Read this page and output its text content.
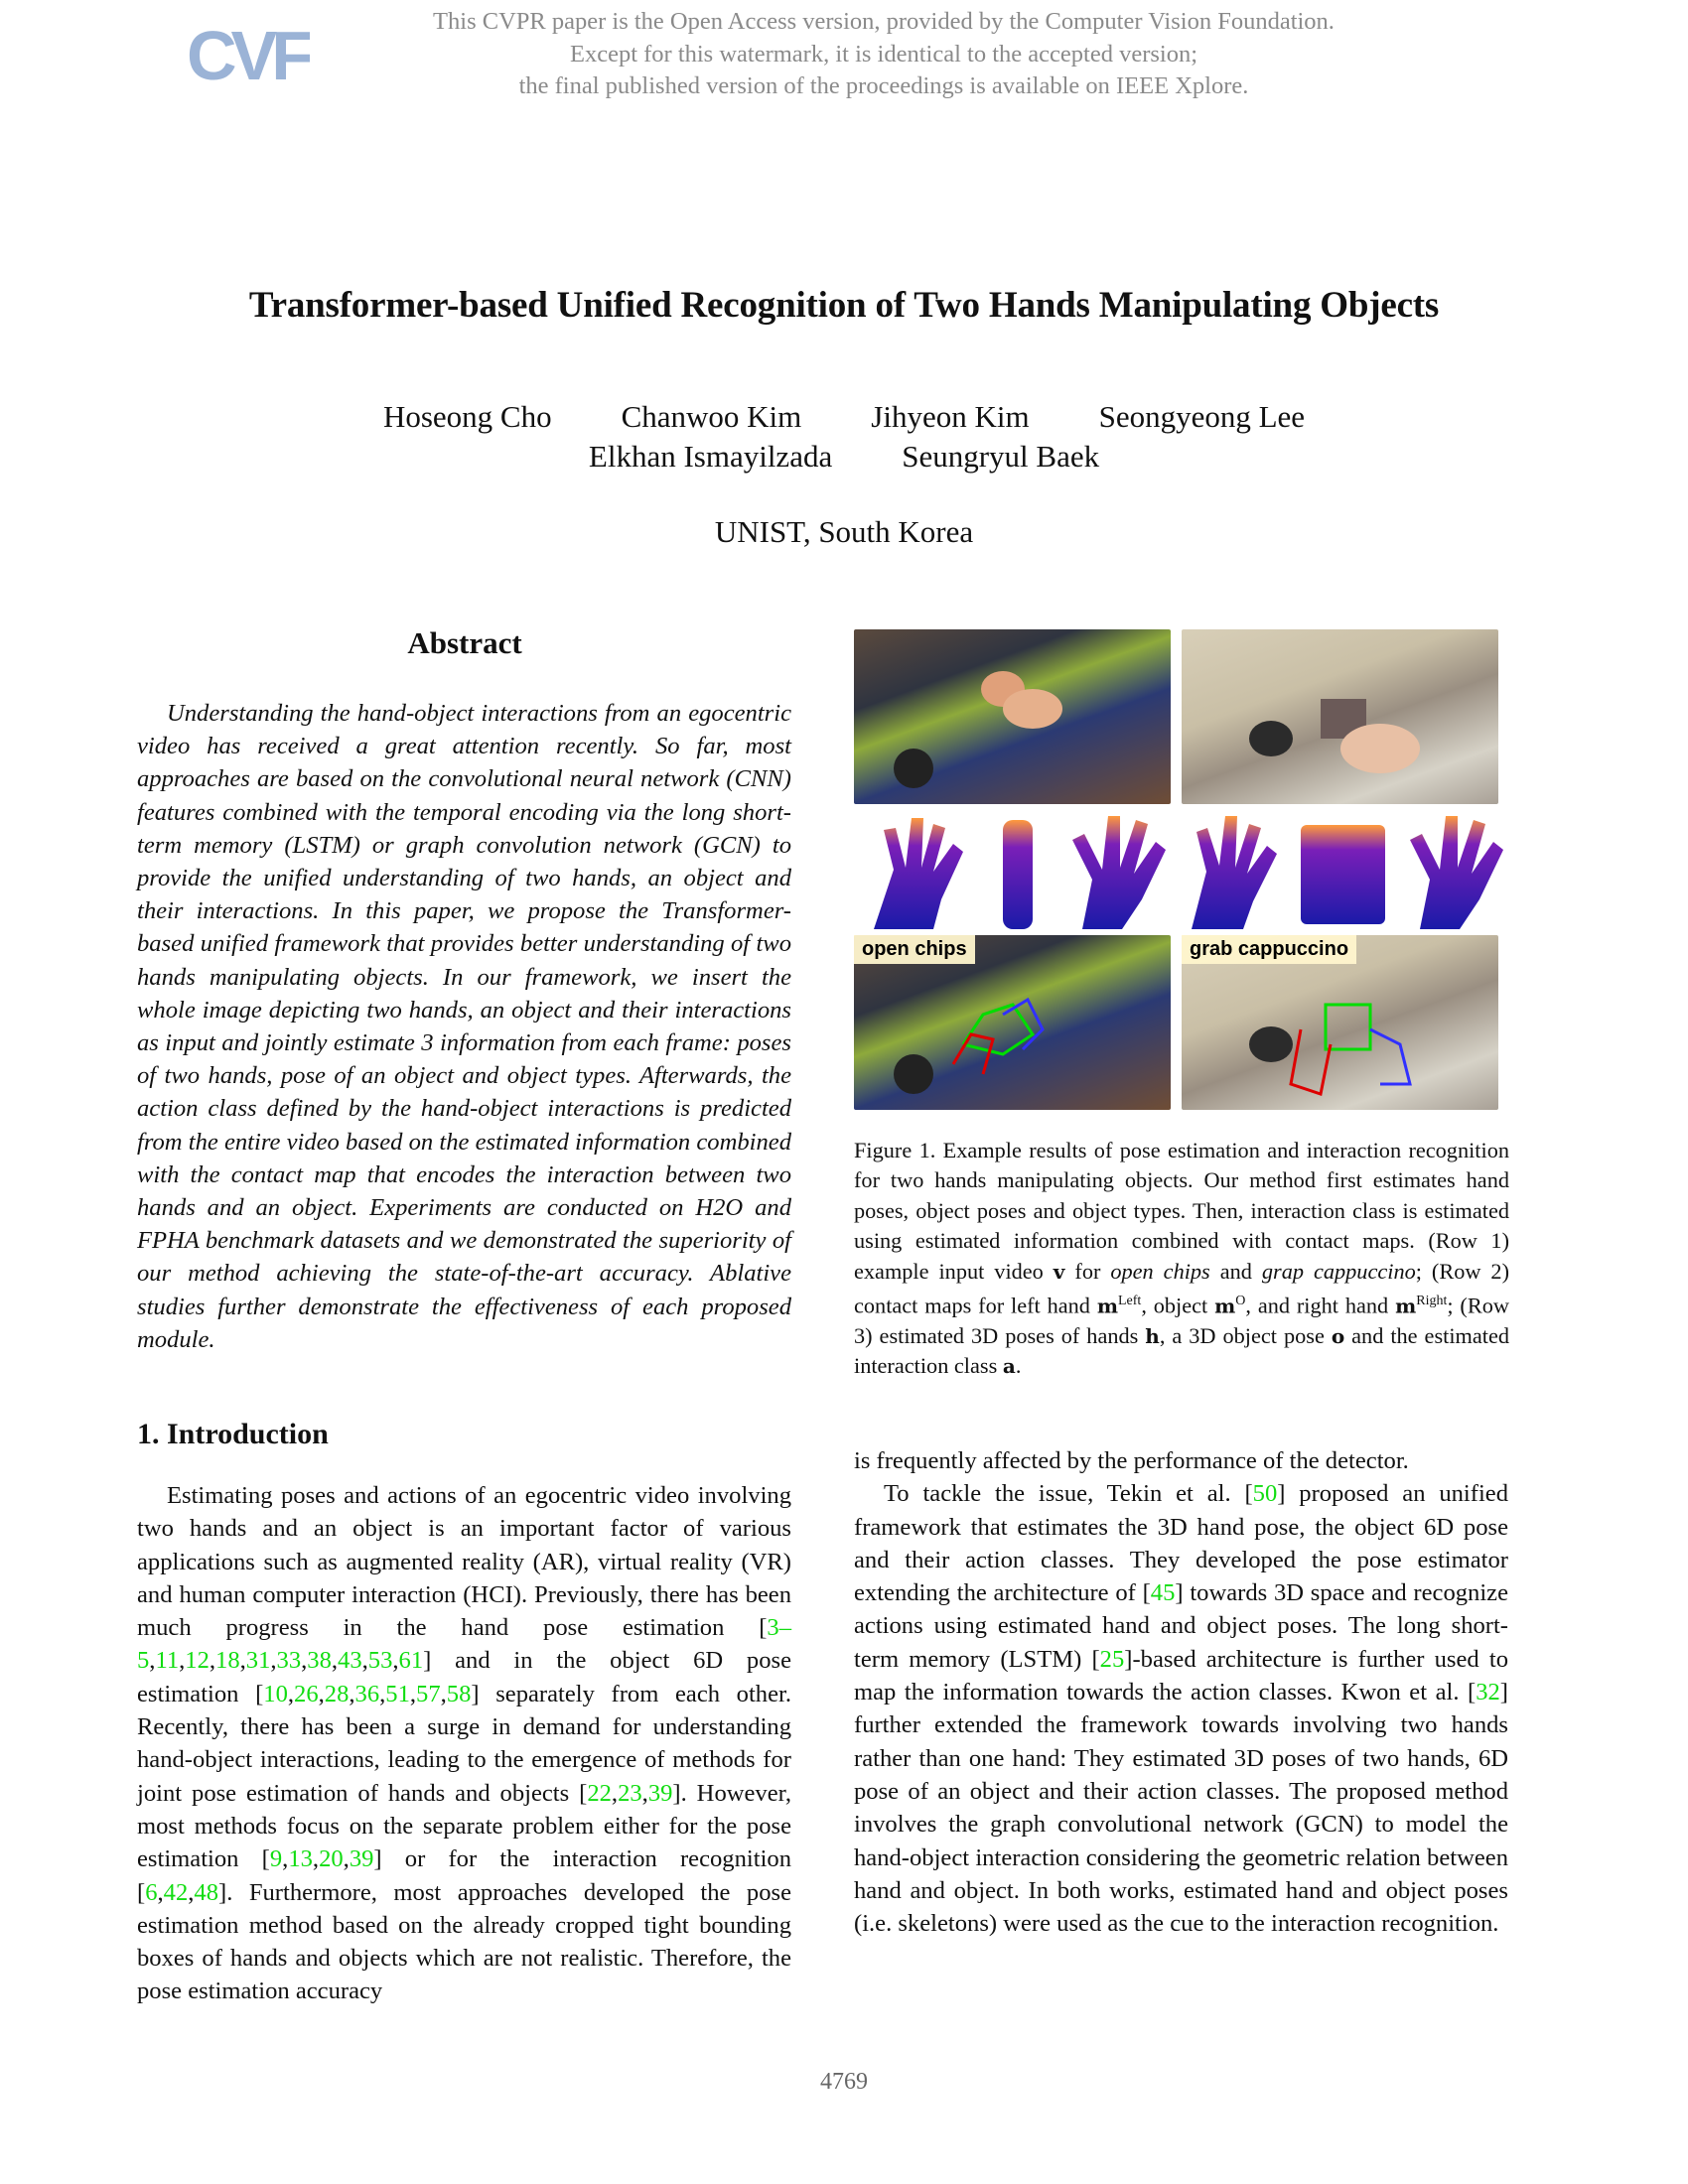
CVF	This CVPR paper is the Open Access version, provided by the Computer Vision Foundation.
Except for this watermark, it is identical to the accepted version;
the final published version of the proceedings is available on IEEE Xplore.
Transformer-based Unified Recognition of Two Hands Manipulating Objects
Hoseong Cho Chanwoo Kim Jihyeon Kim Seongyeong Lee
Elkhan Ismayilzada Seungryul Baek
UNIST, South Korea
Abstract
Understanding the hand-object interactions from an egocentric video has received a great attention recently. So far, most approaches are based on the convolutional neural network (CNN) features combined with the temporal encoding via the long short-term memory (LSTM) or graph convolution network (GCN) to provide the unified understanding of two hands, an object and their interactions. In this paper, we propose the Transformer-based unified framework that provides better understanding of two hands manipulating objects. In our framework, we insert the whole image depicting two hands, an object and their interactions as input and jointly estimate 3 information from each frame: poses of two hands, pose of an object and object types. Afterwards, the action class defined by the hand-object interactions is predicted from the entire video based on the estimated information combined with the contact map that encodes the interaction between two hands and an object. Experiments are conducted on H2O and FPHA benchmark datasets and we demonstrated the superiority of our method achieving the state-of-the-art accuracy. Ablative studies further demonstrate the effectiveness of each proposed module.
open chips	grab cappuccino
Figure 1. Example results of pose estimation and interaction recognition for two hands manipulating objects. Our method first estimates hand poses, object poses and object types. Then, interaction class is estimated using estimated information combined with contact maps. (Row 1) example input video v for open chips and grap cappuccino; (Row 2) contact maps for left hand $m^{Left}$, object $m^O$, and right hand $m^{Right}$; (Row 3) estimated 3D poses of hands h, a 3D object pose o and the estimated interaction class a.
1. Introduction

Estimating poses and actions of an egocentric video involving two hands and an object is an important factor of various applications such as augmented reality (AR), virtual reality (VR) and human computer interaction (HCI). Previously, there has been much progress in the hand pose estimation [3–5,11,12,18,31,33,38,43,53,61] and in the object 6D pose estimation [10,26,28,36,51,57,58] separately from each other. Recently, there has been a surge in demand for understanding hand-object interactions, leading to the emergence of methods for joint pose estimation of hands and objects [22,23,39]. However, most methods focus on the separate problem either for the pose estimation [9,13,20,39] or for the interaction recognition [6,42,48]. Furthermore, most approaches developed the pose estimation method based on the already cropped tight bounding boxes of hands and objects which are not realistic. Therefore, the pose estimation accuracy

is frequently affected by the performance of the detector.

To tackle the issue, Tekin et al. [50] proposed an unified framework that estimates the 3D hand pose, the object 6D pose and their action classes. They developed the pose estimator extending the architecture of [45] towards 3D space and recognize actions using estimated hand and object poses. The long short-term memory (LSTM) [25]-based architecture is further used to map the information towards the action classes. Kwon et al. [32] further extended the framework towards involving two hands rather than one hand: They estimated 3D poses of two hands, 6D pose of an object and their action classes. The proposed method involves the graph convolutional network (GCN) to model the hand-object interaction considering the geometric relation between hand and object. In both works, estimated hand and object poses (i.e. skeletons) were used as the cue to the interaction recognition.

4769
